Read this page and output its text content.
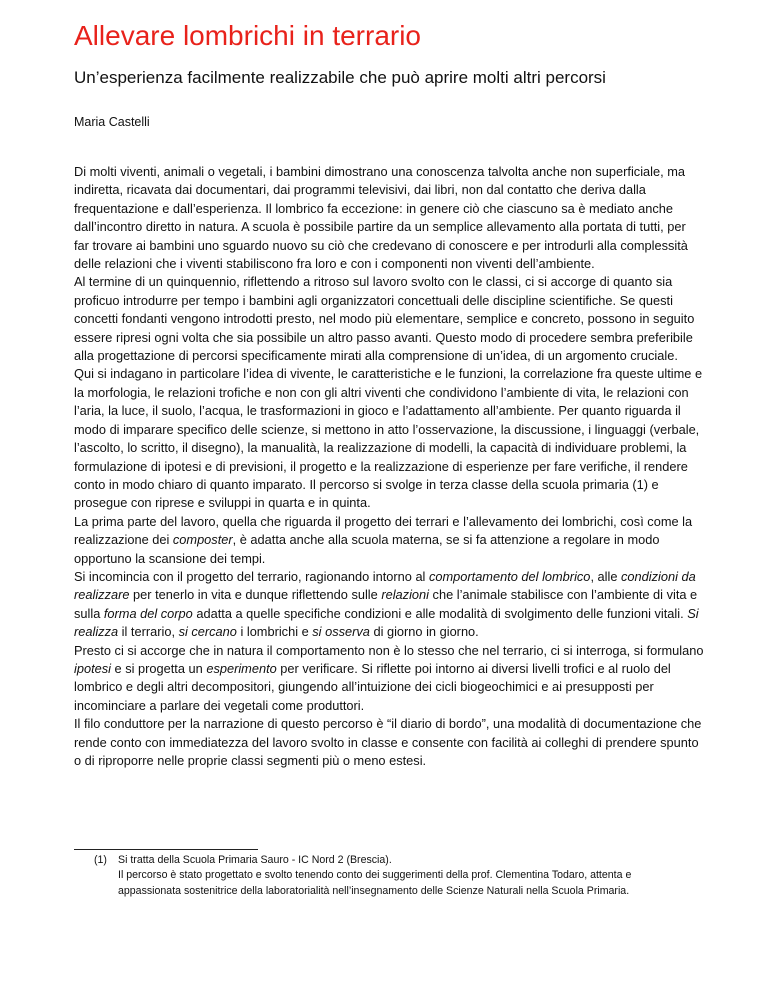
Allevare lombrichi in terrario
Un’esperienza facilmente realizzabile che può aprire molti altri percorsi

Maria Castelli

Di molti viventi, animali o vegetali, i bambini dimostrano una conoscenza talvolta anche non superficiale, ma indiretta, ricavata dai documentari, dai programmi televisivi, dai libri, non dal contatto che deriva dalla frequentazione e dall’esperienza. Il lombrico fa eccezione: in genere ciò che ciascuno sa è mediato anche dall’incontro diretto in natura. A scuola è possibile partire da un semplice allevamento alla portata di tutti, per far trovare ai bambini uno sguardo nuovo su ciò che credevano di conoscere e per introdurli alla complessità delle relazioni che i viventi stabiliscono fra loro e con i componenti non viventi dell’ambiente.

Al termine di un quinquennio, riflettendo a ritroso sul lavoro svolto con le classi, ci si accorge di quanto sia proficuo introdurre per tempo i bambini agli organizzatori concettuali delle discipline scientifiche. Se questi concetti fondanti vengono introdotti presto, nel modo più elementare, semplice e concreto, possono in seguito essere ripresi ogni volta che sia possibile un altro passo avanti. Questo modo di procedere sembra preferibile alla progettazione di percorsi specificamente mirati alla comprensione di un’idea, di un argomento cruciale.

Qui si indagano in particolare l’idea di vivente, le caratteristiche e le funzioni, la correlazione fra queste ultime e la morfologia, le relazioni trofiche e non con gli altri viventi che condividono l’ambiente di vita, le relazioni con l’aria, la luce, il suolo, l’acqua, le trasformazioni in gioco e l’adattamento all’ambiente. Per quanto riguarda il modo di imparare specifico delle scienze, si mettono in atto l’osservazione, la discussione, i linguaggi (verbale, l’ascolto, lo scritto, il disegno), la manualità, la realizzazione di modelli, la capacità di individuare problemi, la formulazione di ipotesi e di previsioni, il progetto e la realizzazione di esperienze per fare verifiche, il rendere conto in modo chiaro di quanto imparato. Il percorso si svolge in terza classe della scuola primaria (1) e prosegue con riprese e sviluppi in quarta e in quinta.

La prima parte del lavoro, quella che riguarda il progetto dei terrari e l’allevamento dei lombrichi, così come la realizzazione dei composter, è adatta anche alla scuola materna, se si fa attenzione a regolare in modo opportuno la scansione dei tempi.

Si incomincia con il progetto del terrario, ragionando intorno al comportamento del lombrico, alle condizioni da realizzare per tenerlo in vita e dunque riflettendo sulle relazioni che l’animale stabilisce con l’ambiente di vita e sulla forma del corpo adatta a quelle specifiche condizioni e alle modalità di svolgimento delle funzioni vitali. Si realizza il terrario, si cercano i lombrichi e si osserva di giorno in giorno.

Presto ci si accorge che in natura il comportamento non è lo stesso che nel terrario, ci si interroga, si formulano ipotesi e si progetta un esperimento per verificare. Si riflette poi intorno ai diversi livelli trofici e al ruolo del lombrico e degli altri decompositori, giungendo all’intuizione dei cicli biogeochimici e ai presupposti per incominciare a parlare dei vegetali come produttori.

Il filo conduttore per la narrazione di questo percorso è “il diario di bordo”, una modalità di documentazione che rende conto con immediatezza del lavoro svolto in classe e consente con facilità ai colleghi di prendere spunto o di riproporre nelle proprie classi segmenti più o meno estesi.

(1) Si tratta della Scuola Primaria Sauro - IC Nord 2 (Brescia).

Il percorso è stato progettato e svolto tenendo conto dei suggerimenti della prof. Clementina Todaro, attenta e appassionata sostenitrice della laboratorialità nell’insegnamento delle Scienze Naturali nella Scuola Primaria.
